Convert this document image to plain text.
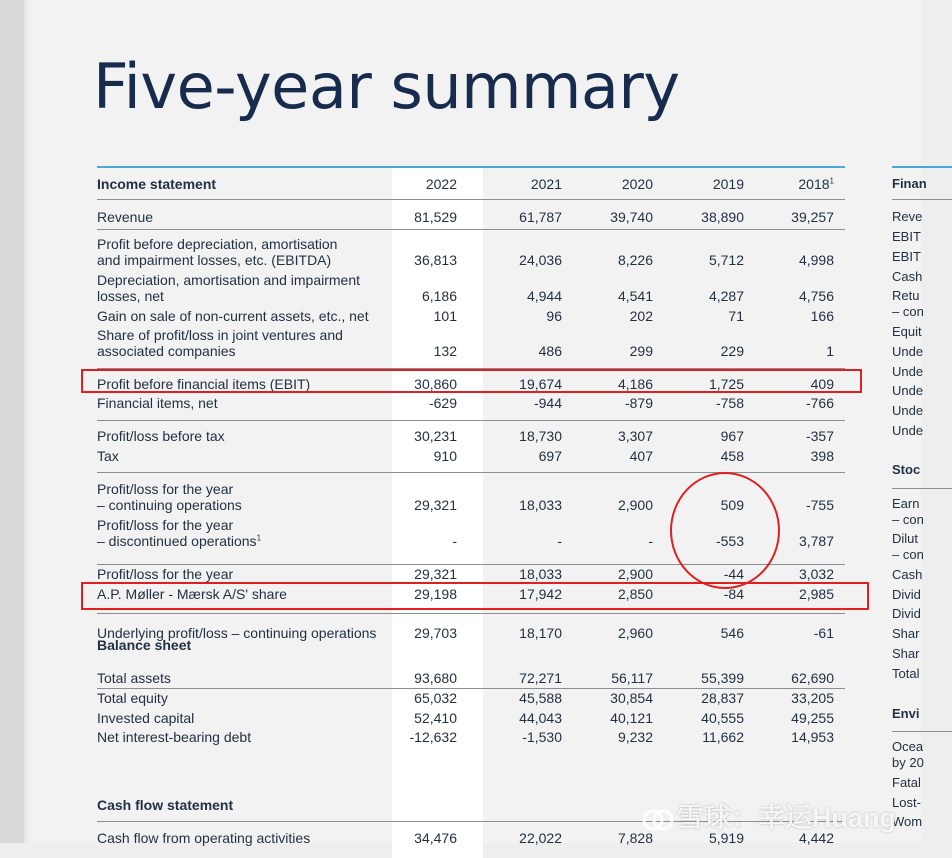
Five-year summary
Income statement	2022	2021	2020	2019	2018$^1$
Revenue	81,529	61,787	39,740	38,890	39,257
Profit before depreciation, amortisation
and impairment losses, etc. (EBITDA)	36,813	24,036	8,226	5,712	4,998
Depreciation, amortisation and impairment
losses, net	6,186	4,944	4,541	4,287	4,756
Gain on sale of non-current assets, etc., net	101	96	202	71	166
Share of profit/loss in joint ventures and
associated companies	132	486	299	229	1
Profit before financial items (EBIT)	30,860	19,674	4,186	1,725	409
Financial items, net	-629	-944	-879	-758	-766
Profit/loss before tax	30,231	18,730	3,307	967	-357
Tax	910	697	407	458	398
Profit/loss for the year
– continuing operations	29,321	18,033	2,900	509	-755
Profit/loss for the year
– discontinued operations$^1$	-	-	-	-553	3,787
Profit/loss for the year	29,321	18,033	2,900	-44	3,032
A.P. Møller - Mærsk A/S' share	29,198	17,942	2,850	-84	2,985
Underlying profit/loss – continuing operations	29,703	18,170	2,960	546	-61
Balance sheet
Total assets	93,680	72,271	56,117	55,399	62,690
Total equity	65,032	45,588	30,854	28,837	33,205
Invested capital	52,410	44,043	40,121	40,555	49,255
Net interest-bearing debt	-12,632	-1,530	9,232	11,662	14,953
Cash flow statement
Cash flow from operating activities	34,476	22,022	7,828	5,919	4,442
Finan
Stoc
Envi
Reve
EBIT
EBIT
Cash
Retu
– con
Equit
Unde
Unde
Unde
Unde
Unde
Earn
– con
Dilut
– con
Cash
Divid
Divid
Shar
Shar
Total
Ocea
by 20
Fatal
Lost-
Wom
雪球：幸运Huang
